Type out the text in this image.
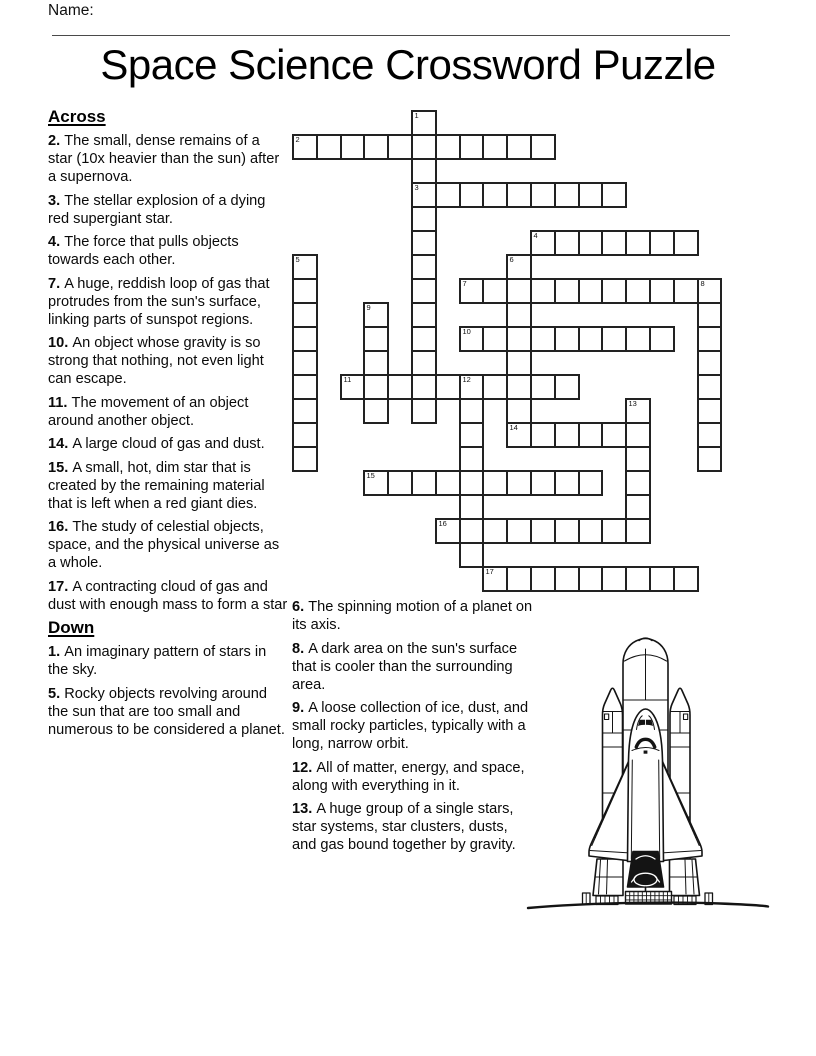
Name:
Space Science Crossword Puzzle
Across
2. The small, dense remains of a star (10x heavier than the sun) after a supernova.
3. The stellar explosion of a dying red supergiant star.
4. The force that pulls objects towards each other.
7. A huge, reddish loop of gas that protrudes from the sun's surface, linking parts of sunspot regions.
10. An object whose gravity is so strong that nothing, not even light can escape.
11. The movement of an object around another object.
14. A large cloud of gas and dust.
15. A small, hot, dim star that is created by the remaining material that is left when a red giant dies.
16. The study of celestial objects, space, and the physical universe as a whole.
17. A contracting cloud of gas and dust with enough mass to form a star
Down
1. An imaginary pattern of stars in the sky.
5. Rocky objects revolving around the sun that are too small and numerous to be considered a planet.
6. The spinning motion of a planet on its axis.
8. A dark area on the sun's surface that is cooler than the surrounding area.
9. A loose collection of ice, dust, and small rocky particles, typically with a long, narrow orbit.
12. All of matter, energy, and space, along with everything in it.
13. A huge group of a single stars, star systems, star clusters, dusts, and gas bound together by gravity.
1
3
2
4
5	6
14
7	8
9
10
11	12
13
15
16
17
